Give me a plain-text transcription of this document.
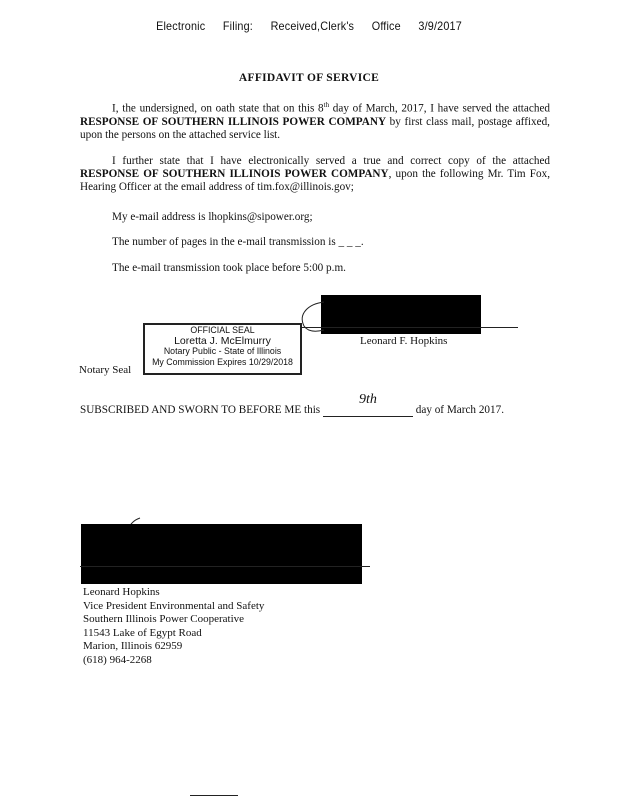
Electronic Filing: Received,Clerk's Office 3/9/2017
AFFIDAVIT OF SERVICE
I, the undersigned, on oath state that on this 8th day of March, 2017, I have served the attached RESPONSE OF SOUTHERN ILLINOIS POWER COMPANY by first class mail, postage affixed, upon the persons on the attached service list.
I further state that I have electronically served a true and correct copy of the attached RESPONSE OF SOUTHERN ILLINOIS POWER COMPANY, upon the following Mr. Tim Fox, Hearing Officer at the email address of tim.fox@illinois.gov;
My e-mail address is lhopkins@sipower.org;
The number of pages in the e-mail transmission is _ _ _.
The e-mail transmission took place before 5:00 p.m.
Leonard F. Hopkins
OFFICIAL SEAL
Loretta J. McElmurry
Notary Public - State of Illinois
My Commission Expires 10/29/2018
Notary Seal
SUBSCRIBED AND SWORN TO BEFORE ME this
9th
day of March 2017.
Leonard Hopkins
Vice President Environmental and Safety
Southern Illinois Power Cooperative
11543 Lake of Egypt Road
Marion, Illinois 62959
(618) 964-2268
